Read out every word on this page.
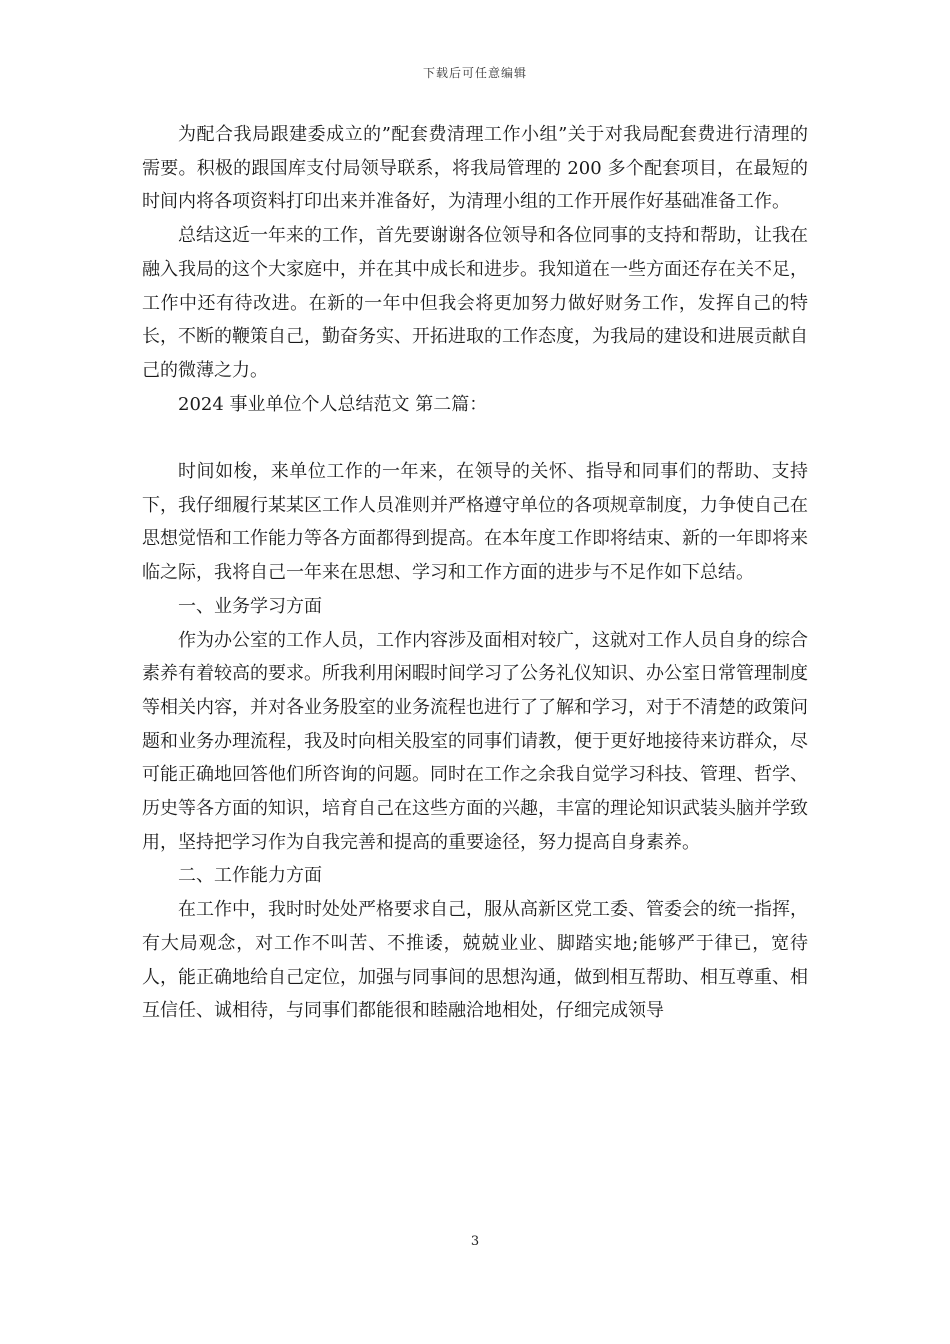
下载后可任意编辑

为配合我局跟建委成立的”配套费清理工作小组”关于对我局配套费进行清理的需要。积极的跟国库支付局领导联系，将我局管理的 200 多个配套项目，在最短的时间内将各项资料打印出来并准备好，为清理小组的工作开展作好基础准备工作。

总结这近一年来的工作，首先要谢谢各位领导和各位同事的支持和帮助，让我在融入我局的这个大家庭中，并在其中成长和进步。我知道在一些方面还存在关不足，工作中还有待改进。在新的一年中但我会将更加努力做好财务工作，发挥自己的特长，不断的鞭策自己，勤奋务实、开拓进取的工作态度，为我局的建设和进展贡献自己的微薄之力。

2024 事业单位个人总结范文 第二篇：

时间如梭，来单位工作的一年来，在领导的关怀、指导和同事们的帮助、支持下，我仔细履行某某区工作人员准则并严格遵守单位的各项规章制度，力争使自己在思想觉悟和工作能力等各方面都得到提高。在本年度工作即将结束、新的一年即将来临之际，我将自己一年来在思想、学习和工作方面的进步与不足作如下总结。

一、业务学习方面

作为办公室的工作人员，工作内容涉及面相对较广，这就对工作人员自身的综合素养有着较高的要求。所我利用闲暇时间学习了公务礼仪知识、办公室日常管理制度等相关内容，并对各业务股室的业务流程也进行了了解和学习，对于不清楚的政策问题和业务办理流程，我及时向相关股室的同事们请教，便于更好地接待来访群众，尽可能正确地回答他们所咨询的问题。同时在工作之余我自觉学习科技、管理、哲学、历史等各方面的知识，培育自己在这些方面的兴趣，丰富的理论知识武装头脑并学致用，坚持把学习作为自我完善和提高的重要途径，努力提高自身素养。

二、工作能力方面

在工作中，我时时处处严格要求自己，服从高新区党工委、管委会的统一指挥，有大局观念，对工作不叫苦、不推诿，兢兢业业、脚踏实地;能够严于律已，宽待人，能正确地给自己定位，加强与同事间的思想沟通，做到相互帮助、相互尊重、相互信任、诚相待，与同事们都能很和睦融洽地相处，仔细完成领导

3
